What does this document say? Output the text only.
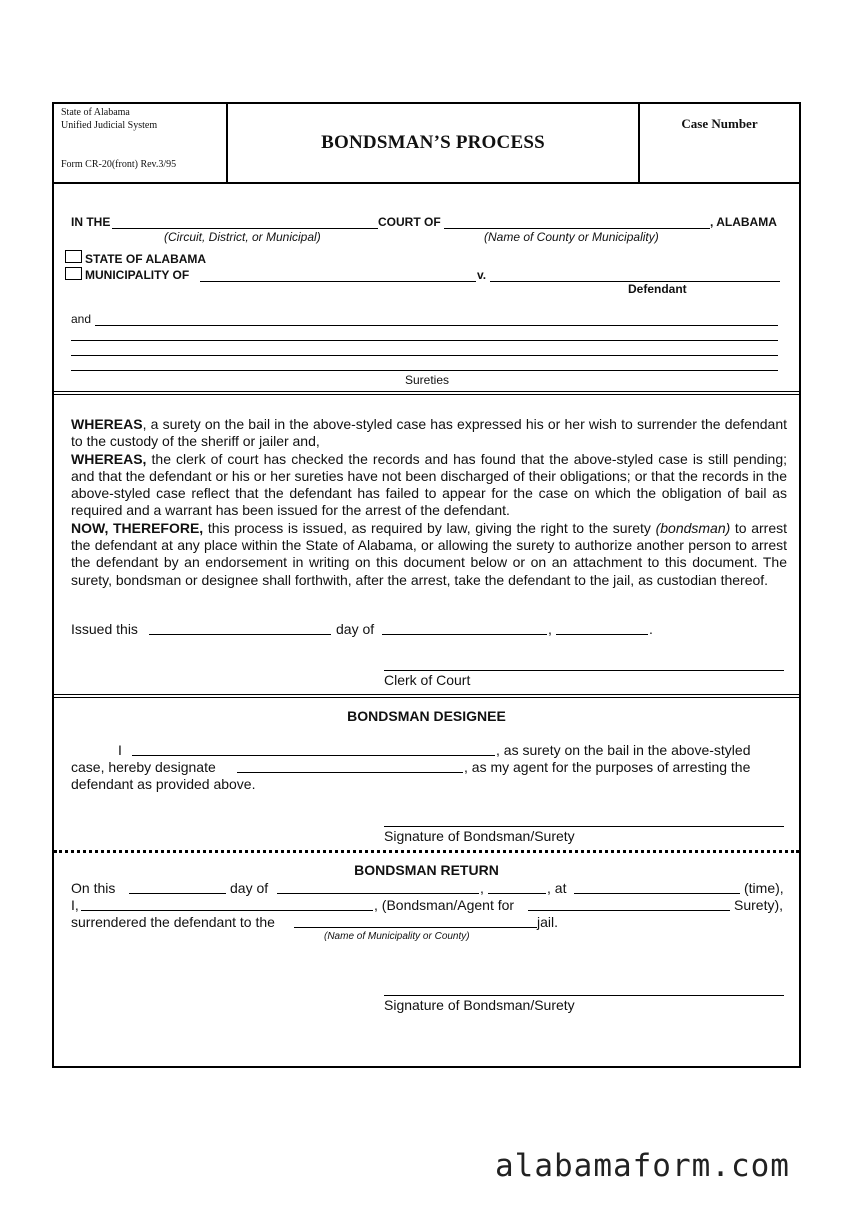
State of Alabama
Unified Judicial System
Form CR-20(front) Rev.3/95
BONDSMAN’S PROCESS
Case Number
IN THE	COURT OF	, ALABAMA
(Circuit, District, or Municipal)	(Name of County or Municipality)
STATE OF ALABAMA
MUNICIPALITY OF	v.
Defendant
and
Sureties
WHEREAS, a surety on the bail in the above-styled case has expressed his or her wish to surrender the defendant to the custody of the sheriff or jailer and,
WHEREAS, the clerk of court has checked the records and has found that the above-styled case is still pending; and that the defendant or his or her sureties have not been discharged of their obligations; or that the records in the above-styled case reflect that the defendant has failed to appear for the case on which the obligation of bail as required and a warrant has been issued for the arrest of the defendant.
NOW, THEREFORE, this process is issued, as required by law, giving the right to the surety (bondsman) to arrest the defendant at any place within the State of Alabama, or allowing the surety to authorize another person to arrest the defendant by an endorsement in writing on this document below or on an attachment to this document. The surety, bondsman or designee shall forthwith, after the arrest, take the defendant to the jail, as custodian thereof.
Issued this	day of	,	.
Clerk of Court
BONDSMAN DESIGNEE
I	, as surety on the bail in the above-styled
case, hereby designate	, as my agent for the purposes of arresting the
defendant as provided above.
Signature of Bondsman/Surety
BONDSMAN RETURN
On this	day of	,	, at	(time),
I,	, (Bondsman/Agent for	Surety),
surrendered the defendant to the	jail.
(Name of Municipality or County)
Signature of Bondsman/Surety
alabamaform.com
